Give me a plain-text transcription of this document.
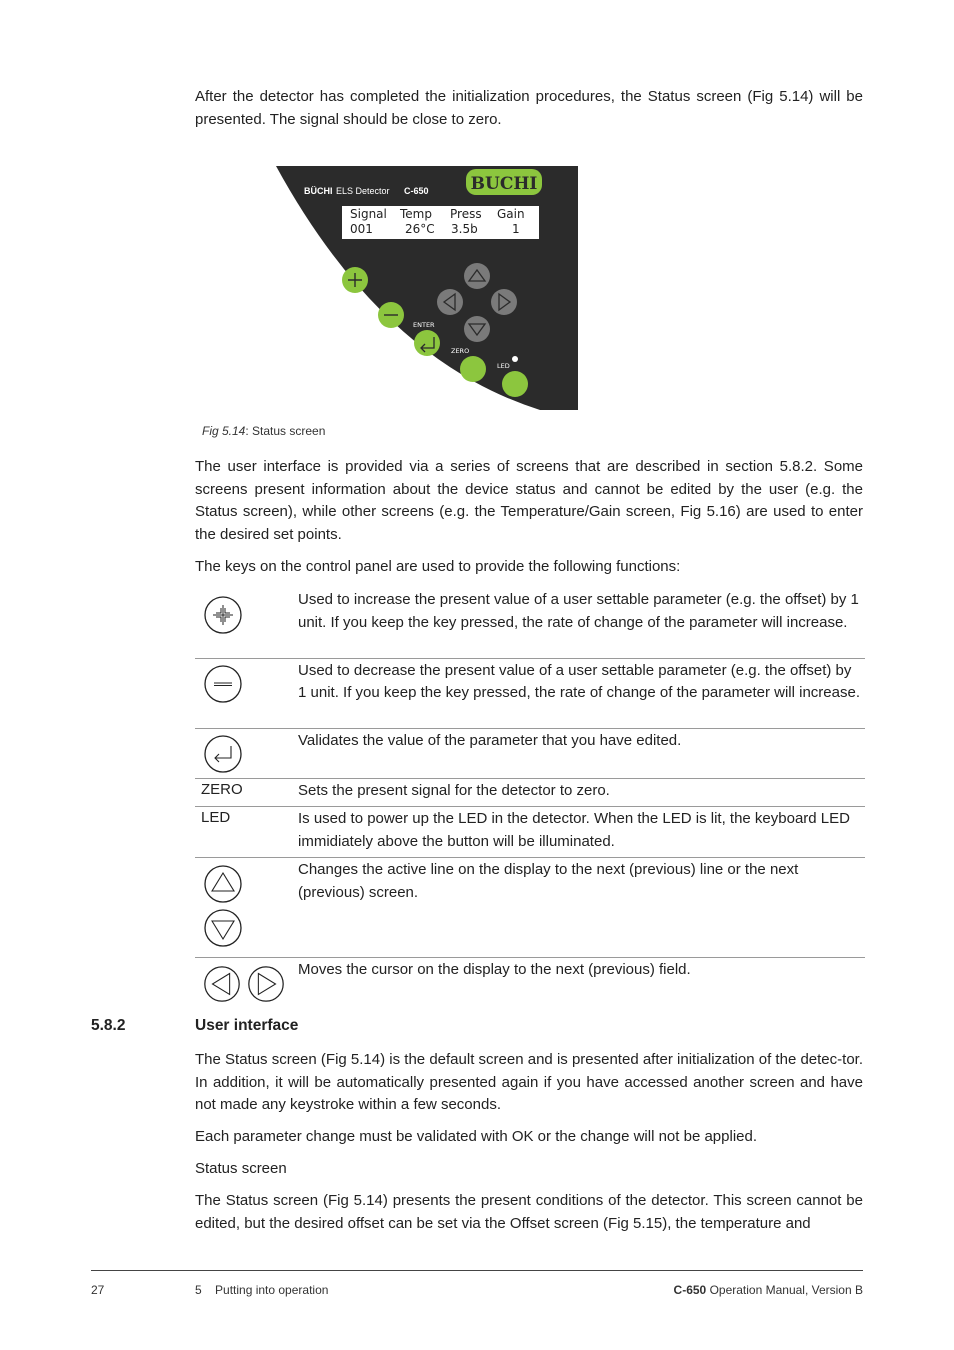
After the detector has completed the initialization procedures, the Status screen (Fig 5.14) will be presented. The signal should be close to zero.

BÜCHI ELS Detector C-650 BUCHI
Signal Temp Press Gain
001	26°C 3.5b	1
ENTER
ZERO
LED
Fig 5.14: Status screen

The user interface is provided via a series of screens that are described in section 5.8.2. Some screens present information about the device status and cannot be edited by the user (e.g. the Status screen), while other screens (e.g. the Temperature/Gain screen, Fig 5.16) are used to enter the desired set points.

The keys on the control panel are used to provide the following functions:

	Used to increase the present value of a user settable parameter (e.g. the offset) by 1 unit. If you keep the key pressed, the rate of change of the parameter will increase.

	Used to decrease the present value of a user settable parameter (e.g. the offset) by 1 unit. If you keep the key pressed, the rate of change of the parameter will increase.

	Validates the value of the parameter that you have edited.
ZERO	Sets the present signal for the detector to zero.
LED	Is used to power up the LED in the detector. When the LED is lit, the keyboard LED immidiately above the button will be illuminated.

	Changes the active line on the display to the next (previous) line or the next (previous) screen.

	Moves the cursor on the display to the next (previous) field.
5.8.2	User interface

The Status screen (Fig 5.14) is the default screen and is presented after initialization of the detec-tor. In addition, it will be automatically presented again if you have accessed another screen and have not made any keystroke within a few seconds.

Each parameter change must be validated with OK or the change will not be applied.

Status screen

The Status screen (Fig 5.14) presents the present conditions of the detector. This screen cannot be edited, but the desired offset can be set via the Offset screen (Fig 5.15), the temperature and

27	5    Putting into operation	C-650 Operation Manual, Version B
